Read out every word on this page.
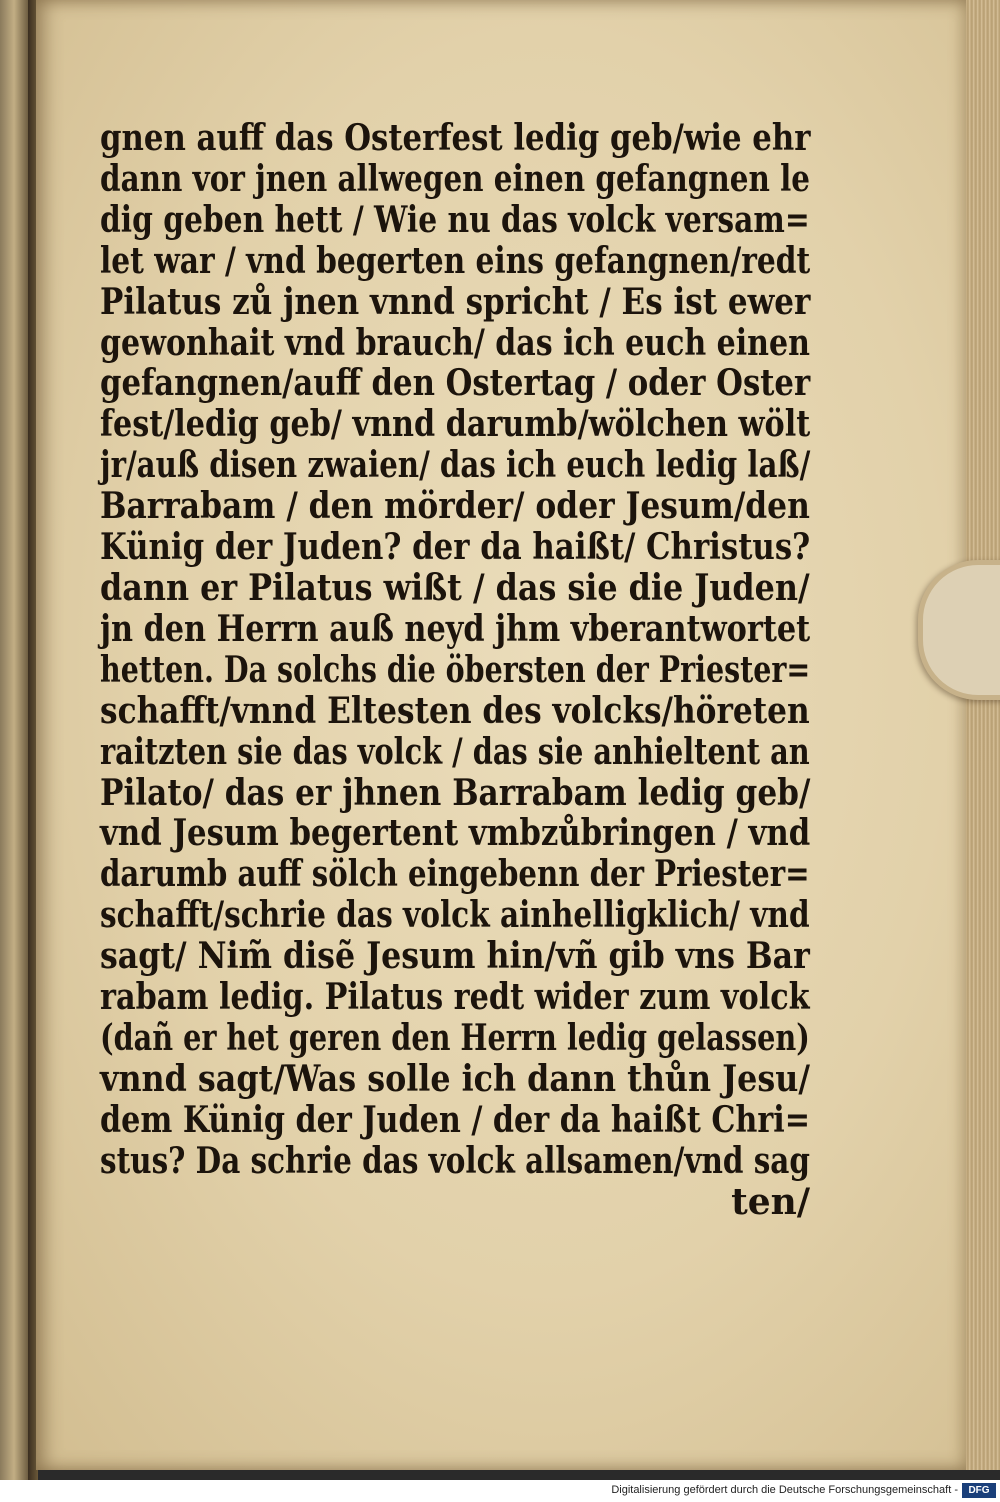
gnen auff das Osterfest ledig geb/wie ehr
dann vor jnen allwegen einen gefangnen le
dig geben hett / Wie nu das volck versam=
let war / vnd begerten eins gefangnen/redt
Pilatus zů jnen vnnd spricht / Es ist ewer
gewonhait vnd brauch/ das ich euch einen
gefangnen/auff den Ostertag / oder Oster
fest/ledig geb/ vnnd darumb/wölchen wölt
jr/auß disen zwaien/ das ich euch ledig laß/
Barrabam / den mörder/ oder Jesum/den
Künig der Juden? der da haißt/ Christus?
dann er Pilatus wißt / das sie die Juden/
jn den Herrn auß neyd jhm vberantwortet
hetten. Da solchs die öbersten der Priester=
schafft/vnnd Eltesten des volcks/höreten
raitzten sie das volck / das sie anhieltent an
Pilato/ das er jhnen Barrabam ledig geb/
vnd Jesum begertent vmbzůbringen / vnd
darumb auff sölch eingebenn der Priester=
schafft/schrie das volck ainhelligklich/ vnd
sagt/ Nim̃ disẽ Jesum hin/vñ gib vns Bar
rabam ledig. Pilatus redt wider zum volck
(dañ er het geren den Herrn ledig gelassen)
vnnd sagt/Was solle ich dann thůn Jesu/
dem Künig der Juden / der da haißt Chri=
stus? Da schrie das volck allsamen/vnd sag
ten/
Digitalisierung gefördert durch die Deutsche Forschungsgemeinschaft -	DFG
